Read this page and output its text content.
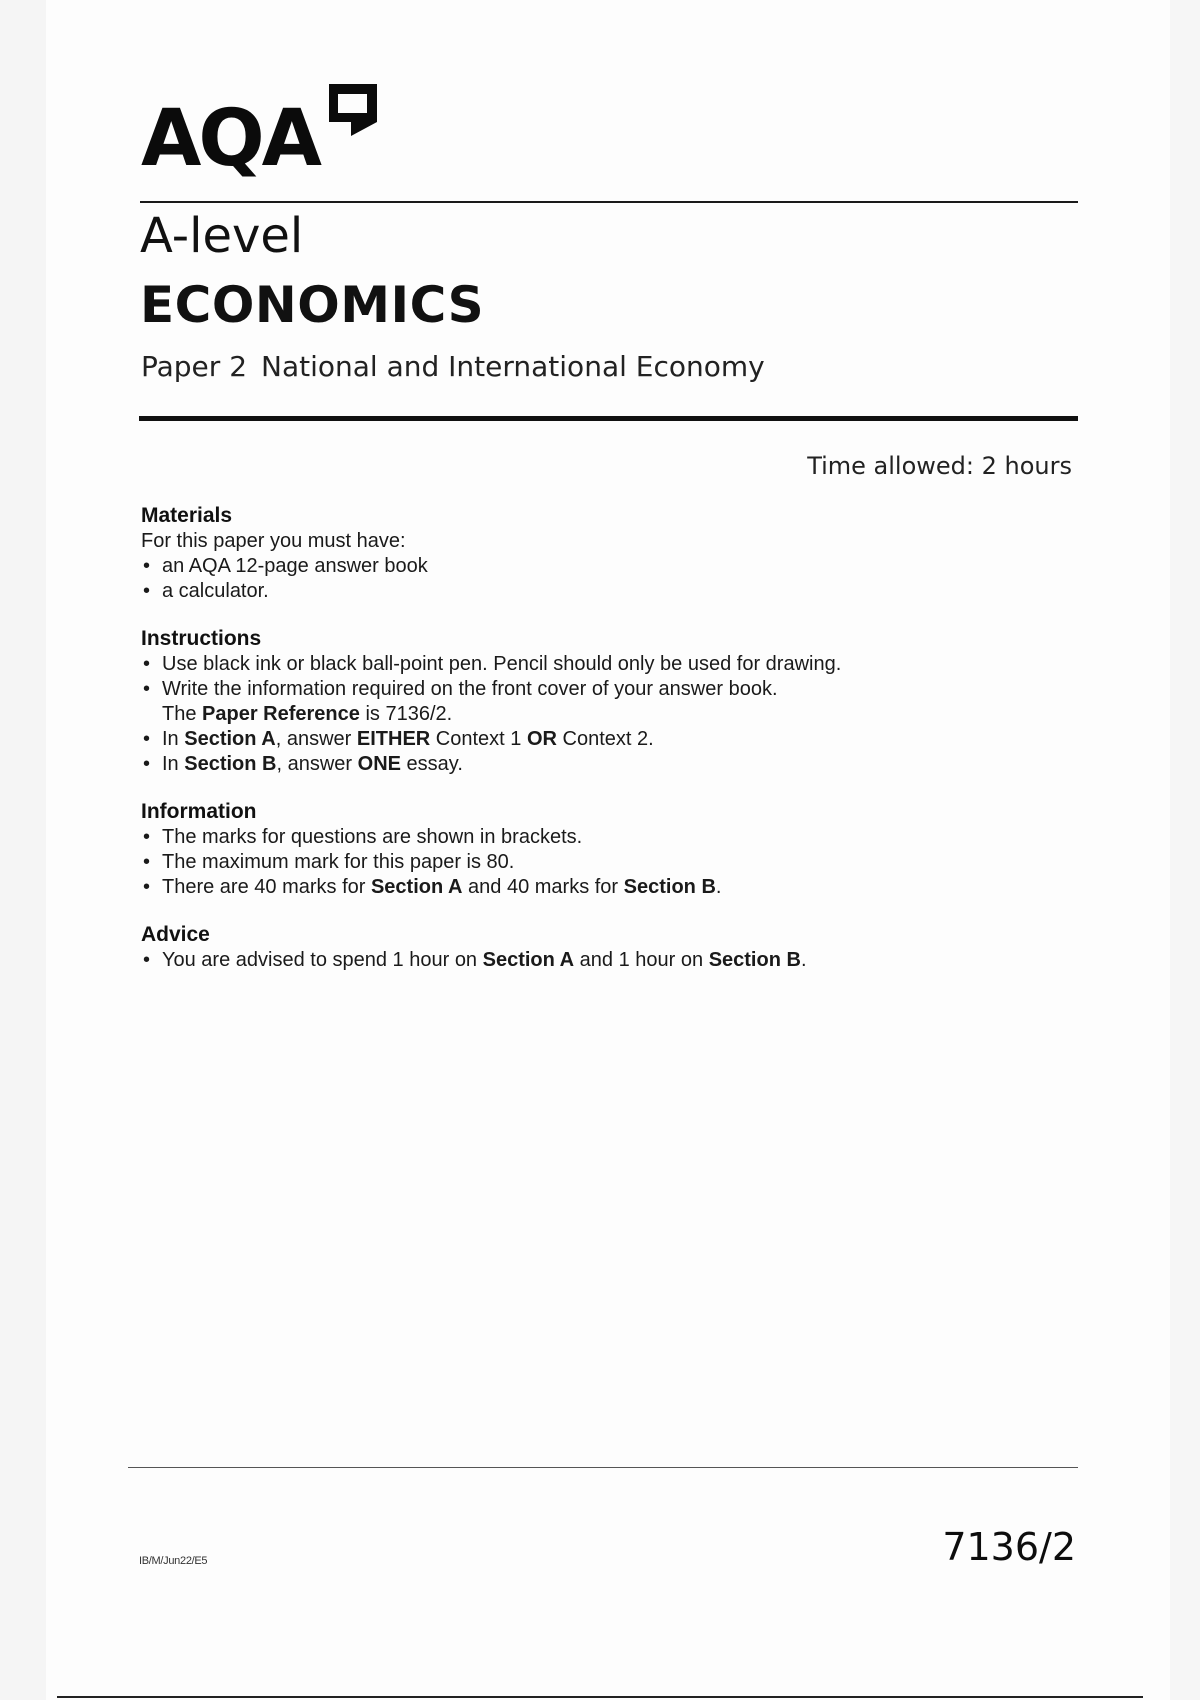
AQA
A-level
ECONOMICS
Paper 2 National and International Economy
Time allowed: 2 hours
Materials

For this paper you must have:

• an AQA 12-page answer book
• a calculator.
Instructions
• Use black ink or black ball-point pen. Pencil should only be used for drawing.
• Write the information required on the front cover of your answer book.
The Paper Reference is 7136/2.
• In Section A, answer EITHER Context 1 OR Context 2.
• In Section B, answer ONE essay.
Information
• The marks for questions are shown in brackets.
• The maximum mark for this paper is 80.
• There are 40 marks for Section A and 40 marks for Section B.
Advice
• You are advised to spend 1 hour on Section A and 1 hour on Section B.
IB/M/Jun22/E5	7136/2
